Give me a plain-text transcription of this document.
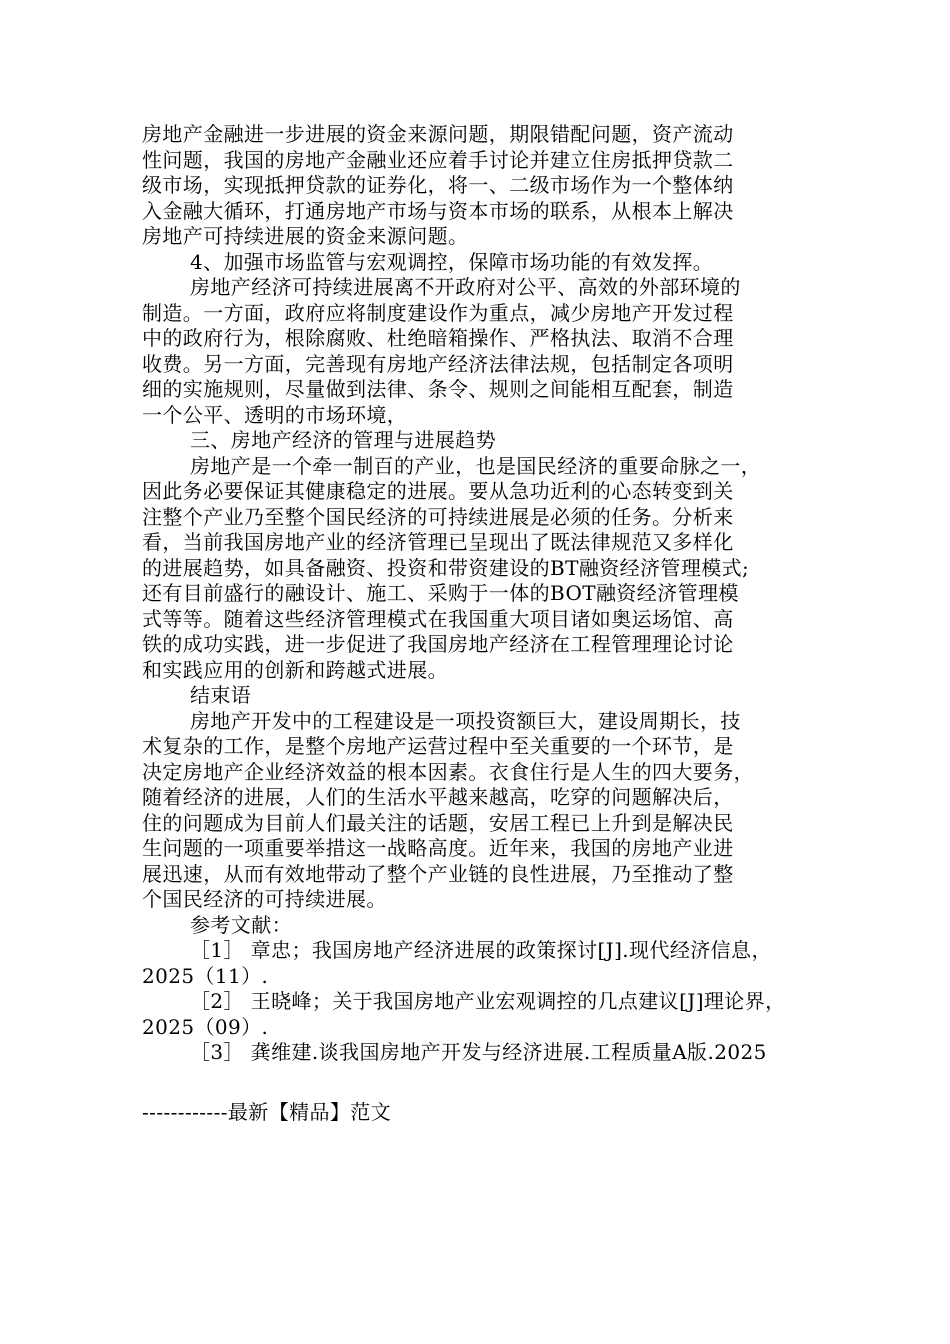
房地产金融进一步进展的资金来源问题，期限错配问题，资产流动
性问题，我国的房地产金融业还应着手讨论并建立住房抵押贷款二
级市场，实现抵押贷款的证券化，将一、二级市场作为一个整体纳
入金融大循环，打通房地产市场与资本市场的联系，从根本上解决
房地产可持续进展的资金来源问题。
4、加强市场监管与宏观调控，保障市场功能的有效发挥。
房地产经济可持续进展离不开政府对公平、高效的外部环境的
制造。一方面，政府应将制度建设作为重点，减少房地产开发过程
中的政府行为，根除腐败、杜绝暗箱操作、严格执法、取消不合理
收费。另一方面，完善现有房地产经济法律法规，包括制定各项明
细的实施规则，尽量做到法律、条令、规则之间能相互配套，制造
一个公平、透明的市场环境，
三、房地产经济的管理与进展趋势
房地产是一个牵一制百的产业，也是国民经济的重要命脉之一，
因此务必要保证其健康稳定的进展。要从急功近利的心态转变到关
注整个产业乃至整个国民经济的可持续进展是必须的任务。分析来
看，当前我国房地产业的经济管理已呈现出了既法律规范又多样化
的进展趋势，如具备融资、投资和带资建设的BT融资经济管理模式;
还有目前盛行的融设计、施工、采购于一体的BOT融资经济管理模
式等等。随着这些经济管理模式在我国重大项目诸如奥运场馆、高
铁的成功实践，进一步促进了我国房地产经济在工程管理理论讨论
和实践应用的创新和跨越式进展。
结束语
房地产开发中的工程建设是一项投资额巨大，建设周期长，技
术复杂的工作，是整个房地产运营过程中至关重要的一个环节，是
决定房地产企业经济效益的根本因素。衣食住行是人生的四大要务，
随着经济的进展，人们的生活水平越来越高，吃穿的问题解决后，
住的问题成为目前人们最关注的话题，安居工程已上升到是解决民
生问题的一项重要举措这一战略高度。近年来，我国的房地产业进
展迅速，从而有效地带动了整个产业链的良性进展，乃至推动了整
个国民经济的可持续进展。
参考文献：
［1］ 章忠；我国房地产经济进展的政策探讨[J].现代经济信息，
2025（11）.
［2］ 王晓峰；关于我国房地产业宏观调控的几点建议[J]理论界，
2025（09）.
［3］ 龚维建.谈我国房地产开发与经济进展.工程质量A版.2025
------------最新【精品】范文
